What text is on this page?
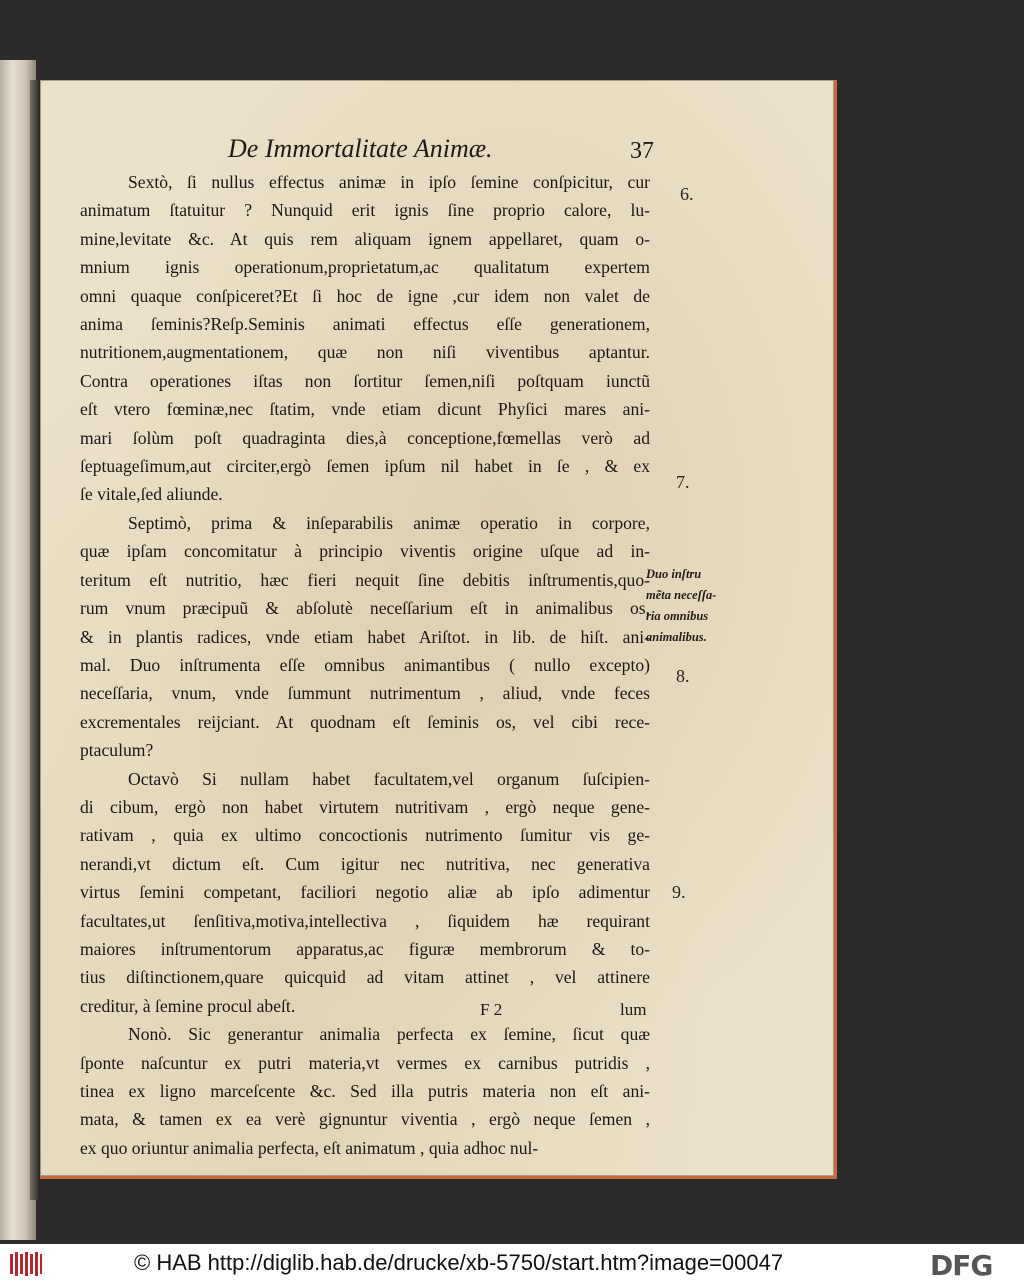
De Immortalitate Animæ.	37

Sextò, ſi nullus effectus animæ in ipſo ſemine conſpicitur, cur

animatum ſtatuitur ? Nunquid erit ignis ſine proprio calore, lu-

mine,levitate &c. At quis rem aliquam ignem appellaret, quam o-

mnium ignis operationum,proprietatum,ac qualitatum expertem

omni quaque conſpiceret?Et ſi hoc de igne ,cur idem non valet de

anima ſeminis?Reſp.Seminis animati effectus eſſe generationem,

nutritionem,augmentationem, quæ non niſi viventibus aptantur.

Contra operationes iſtas non ſortitur ſemen,niſi poſtquam iunctũ

eſt vtero fœminæ,nec ſtatim, vnde etiam dicunt Phyſici mares ani-

mari ſolùm poſt quadraginta dies,à conceptione,fœmellas verò ad

ſeptuageſimum,aut circiter,ergò ſemen ipſum nil habet in ſe , & ex

ſe vitale,ſed aliunde.

Septimò, prima & inſeparabilis animæ operatio in corpore,

quæ ipſam concomitatur à principio viventis origine uſque ad in-

teritum eſt nutritio, hæc fieri nequit ſine debitis inſtrumentis,quo-

rum vnum præcipuũ & abſolutè neceſſarium eſt in animalibus os,

& in plantis radices, vnde etiam habet Ariſtot. in lib. de hiſt. ani-

mal. Duo inſtrumenta eſſe omnibus animantibus ( nullo excepto)

neceſſaria, vnum, vnde ſummunt nutrimentum , aliud, vnde feces

excrementales reijciant. At quodnam eſt ſeminis os, vel cibi rece-

ptaculum?

Octavò Si nullam habet facultatem,vel organum ſuſcipien-

di cibum, ergò non habet virtutem nutritivam , ergò neque gene-

rativam , quia ex ultimo concoctionis nutrimento ſumitur vis ge-

nerandi,vt dictum eſt. Cum igitur nec nutritiva, nec generativa

virtus ſemini competant, faciliori negotio aliæ ab ipſo adimentur

facultates,ut ſenſitiva,motiva,intellectiva , ſiquidem hæ requirant

maiores inſtrumentorum apparatus,ac figuræ membrorum & to-

tius diſtinctionem,quare quicquid ad vitam attinet , vel attinere

creditur, à ſemine procul abeſt.

Nonò. Sic generantur animalia perfecta ex ſemine, ſicut quæ

ſponte naſcuntur ex putri materia,vt vermes ex carnibus putridis ,

tinea ex ligno marceſcente &c. Sed illa putris materia non eſt ani-

mata, & tamen ex ea verè gignuntur viventia , ergò neque ſemen ,

ex quo oriuntur animalia perfecta, eſt animatum , quia adhoc nul-

6.
7.
8.
9.
Duo inſtru
mẽta neceſſa-
ria omnibus
animalibus.
F 2	lum
© HAB http://diglib.hab.de/drucke/xb-5750/start.htm?image=00047	DFG
